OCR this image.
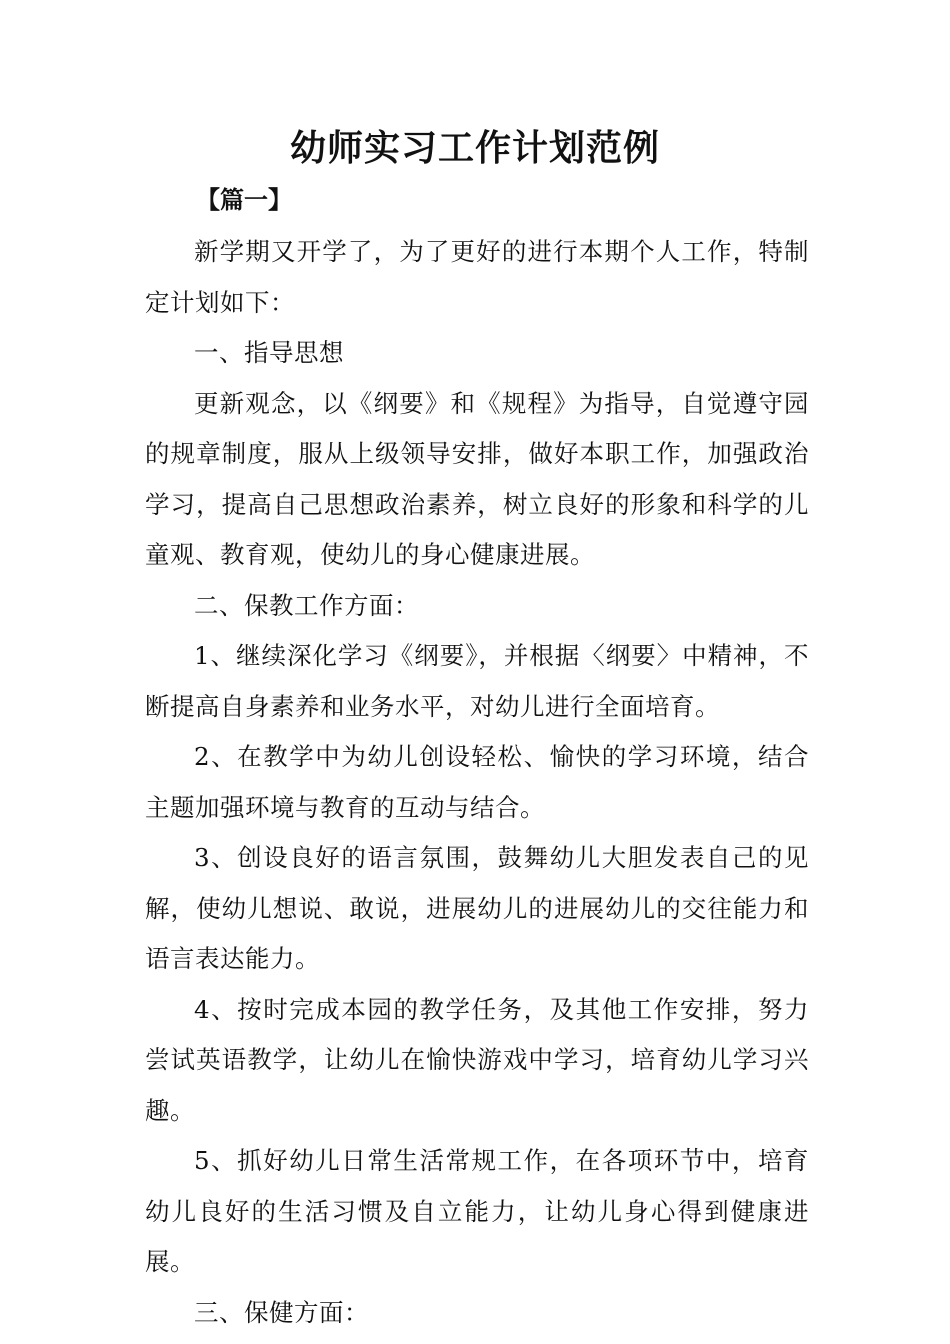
幼师实习工作计划范例
【篇一】

新学期又开学了，为了更好的进行本期个人工作，特制定计划如下：

一、指导思想

更新观念，以《纲要》和《规程》为指导，自觉遵守园的规章制度，服从上级领导安排，做好本职工作，加强政治学习，提高自己思想政治素养，树立良好的形象和科学的儿童观、教育观，使幼儿的身心健康进展。

二、保教工作方面：

1、继续深化学习《纲要》，并根据〈纲要〉中精神，不断提高自身素养和业务水平，对幼儿进行全面培育。

2、在教学中为幼儿创设轻松、愉快的学习环境，结合主题加强环境与教育的互动与结合。

3、创设良好的语言氛围，鼓舞幼儿大胆发表自己的见解，使幼儿想说、敢说，进展幼儿的进展幼儿的交往能力和语言表达能力。

4、按时完成本园的教学任务，及其他工作安排，努力尝试英语教学，让幼儿在愉快游戏中学习，培育幼儿学习兴趣。

5、抓好幼儿日常生活常规工作，在各项环节中，培育幼儿良好的生活习惯及自立能力，让幼儿身心得到健康进展。

三、保健方面：
